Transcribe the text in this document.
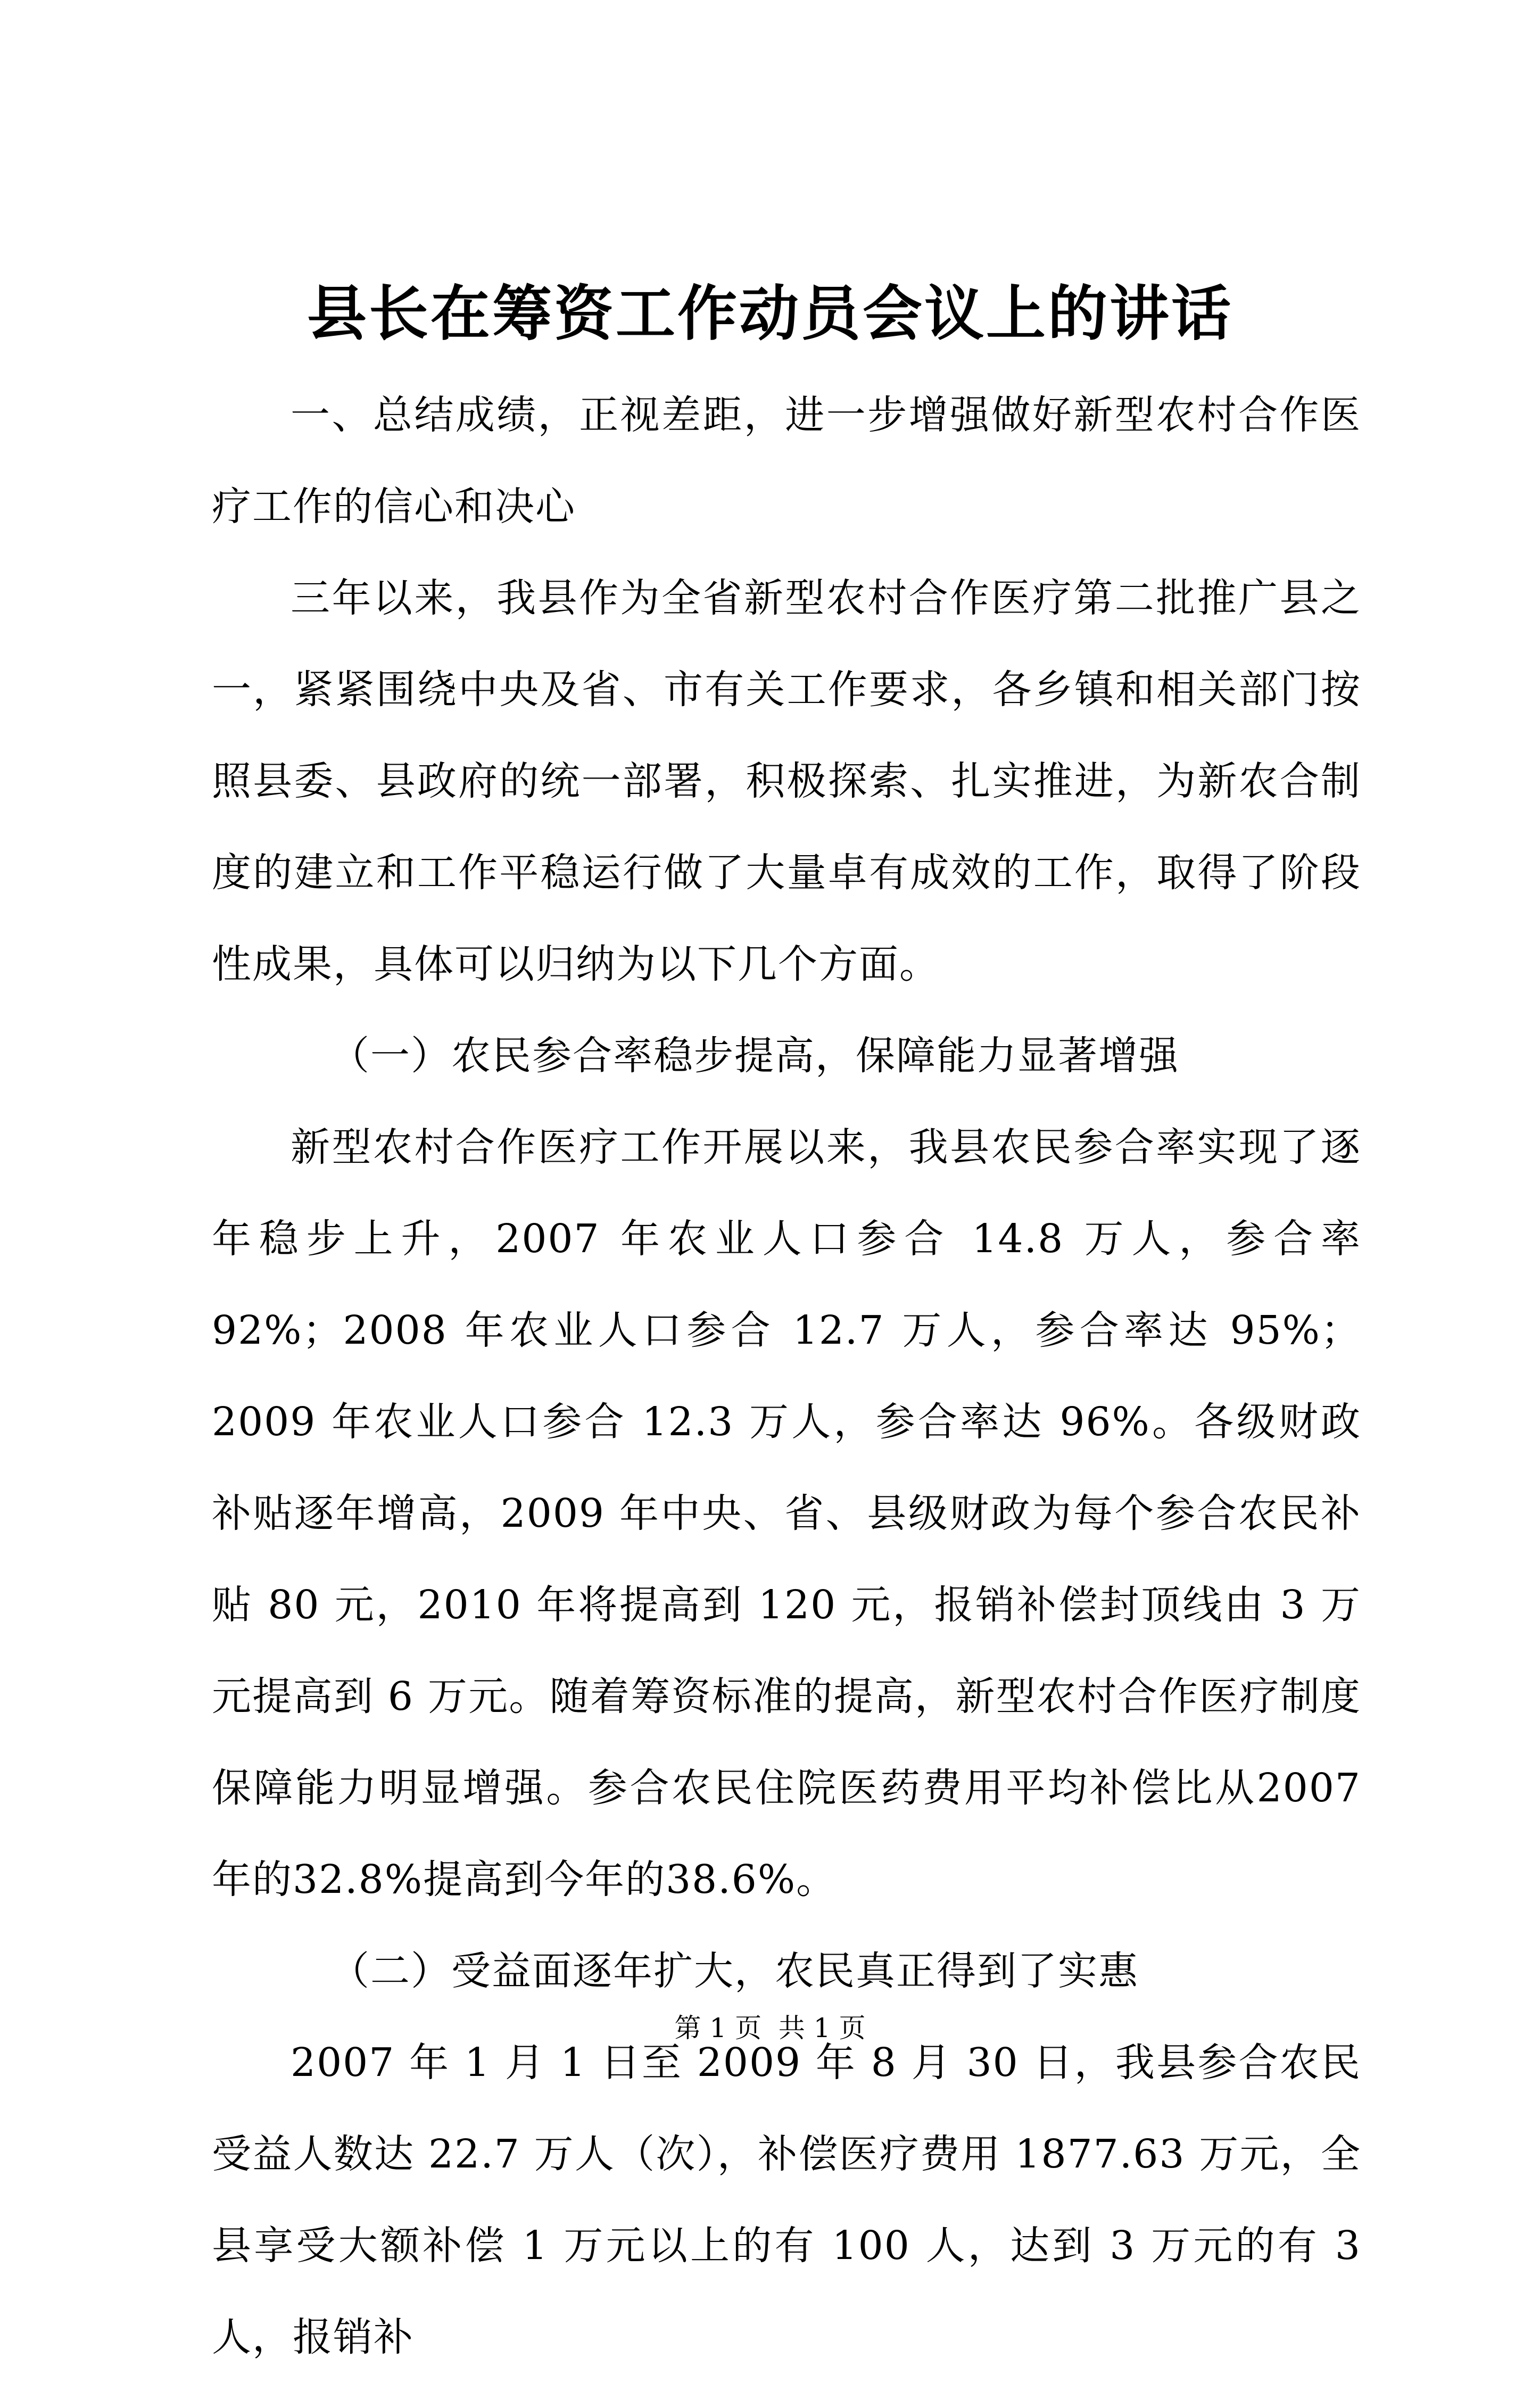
县长在筹资工作动员会议上的讲话

一、总结成绩，正视差距，进一步增强做好新型农村合作医疗工作的信心和决心

三年以来，我县作为全省新型农村合作医疗第二批推广县之一，紧紧围绕中央及省、市有关工作要求，各乡镇和相关部门按照县委、县政府的统一部署，积极探索、扎实推进，为新农合制度的建立和工作平稳运行做了大量卓有成效的工作，取得了阶段性成果，具体可以归纳为以下几个方面。

（一）农民参合率稳步提高，保障能力显著增强

新型农村合作医疗工作开展以来，我县农民参合率实现了逐年稳步上升，2007 年农业人口参合 14.8 万人，参合率 92%；2008 年农业人口参合 12.7 万人，参合率达 95%；2009 年农业人口参合 12.3 万人，参合率达 96%。各级财政补贴逐年增高，2009 年中央、省、县级财政为每个参合农民补贴 80 元，2010 年将提高到 120 元，报销补偿封顶线由 3 万元提高到 6 万元。随着筹资标准的提高，新型农村合作医疗制度保障能力明显增强。参合农民住院医药费用平均补偿比从2007 年的32.8%提高到今年的38.6%。

（二）受益面逐年扩大，农民真正得到了实惠

2007 年 1 月 1 日至 2009 年 8 月 30 日，我县参合农民受益人数达 22.7 万人（次），补偿医疗费用 1877.63 万元，全县享受大额补偿 1 万元以上的有 100 人，达到 3 万元的有 3 人，报销补

第 1 页  共 1 页
